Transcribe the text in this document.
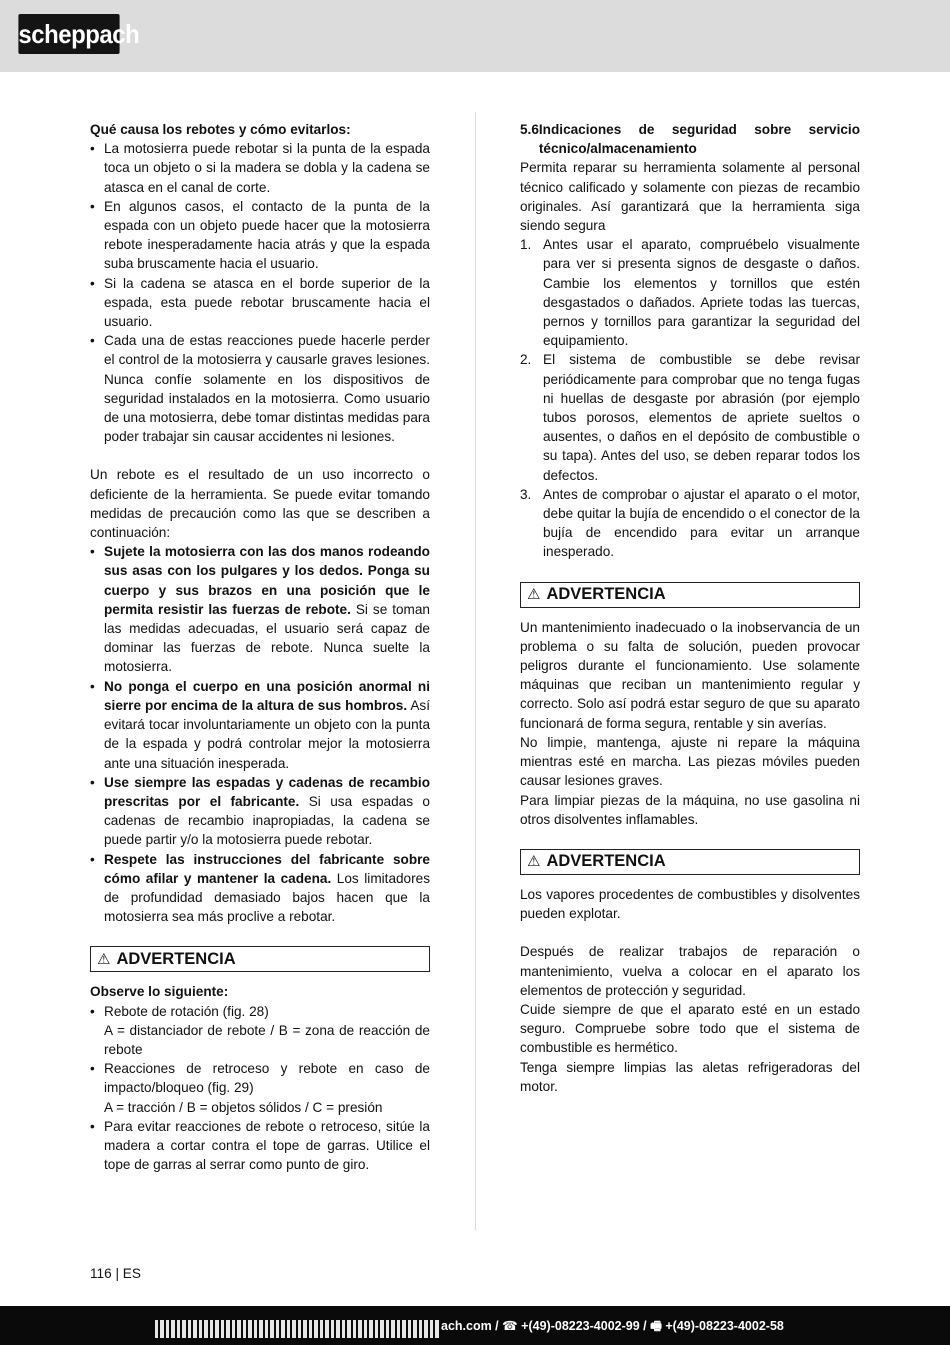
scheppach

Qué causa los rebotes y cómo evitarlos:

• La motosierra puede rebotar si la punta de la espada toca un objeto o si la madera se dobla y la cadena se atasca en el canal de corte.
• En algunos casos, el contacto de la punta de la espada con un objeto puede hacer que la motosierra rebote inesperadamente hacia atrás y que la espada suba bruscamente hacia el usuario.
• Si la cadena se atasca en el borde superior de la espada, esta puede rebotar bruscamente hacia el usuario.
• Cada una de estas reacciones puede hacerle perder el control de la motosierra y causarle graves lesiones. Nunca confíe solamente en los dispositivos de seguridad instalados en la motosierra. Como usuario de una motosierra, debe tomar distintas medidas para poder trabajar sin causar accidentes ni lesiones.

Un rebote es el resultado de un uso incorrecto o deficiente de la herramienta. Se puede evitar tomando medidas de precaución como las que se describen a continuación:

• Sujete la motosierra con las dos manos rodeando sus asas con los pulgares y los dedos. Ponga su cuerpo y sus brazos en una posición que le permita resistir las fuerzas de rebote. Si se toman las medidas adecuadas, el usuario será capaz de dominar las fuerzas de rebote. Nunca suelte la motosierra.
• No ponga el cuerpo en una posición anormal ni sierre por encima de la altura de sus hombros. Así evitará tocar involuntariamente un objeto con la punta de la espada y podrá controlar mejor la motosierra ante una situación inesperada.
• Use siempre las espadas y cadenas de recambio prescritas por el fabricante. Si usa espadas o cadenas de recambio inapropiadas, la cadena se puede partir y/o la motosierra puede rebotar.
• Respete las instrucciones del fabricante sobre cómo afilar y mantener la cadena. Los limitadores de profundidad demasiado bajos hacen que la motosierra sea más proclive a rebotar.
⚠ ADVERTENCIA

Observe lo siguiente:

• Rebote de rotación (fig. 28)
A = distanciador de rebote / B = zona de reacción de rebote
• Reacciones de retroceso y rebote en caso de impacto/bloqueo (fig. 29)
A = tracción / B = objetos sólidos / C = presión
• Para evitar reacciones de rebote o retroceso, sitúe la madera a cortar contra el tope de garras. Utilice el tope de garras al serrar como punto de giro.
5.6 Indicaciones de seguridad sobre servicio técnico/almacenamiento

Permita reparar su herramienta solamente al personal técnico calificado y solamente con piezas de recambio originales. Así garantizará que la herramienta siga siendo segura

1. Antes usar el aparato, compruébelo visualmente para ver si presenta signos de desgaste o daños. Cambie los elementos y tornillos que estén desgastados o dañados. Apriete todas las tuercas, pernos y tornillos para garantizar la seguridad del equipamiento.
2. El sistema de combustible se debe revisar periódicamente para comprobar que no tenga fugas ni huellas de desgaste por abrasión (por ejemplo tubos porosos, elementos de apriete sueltos o ausentes, o daños en el depósito de combustible o su tapa). Antes del uso, se deben reparar todos los defectos.
3. Antes de comprobar o ajustar el aparato o el motor, debe quitar la bujía de encendido o el conector de la bujía de encendido para evitar un arranque inesperado.
⚠ ADVERTENCIA

Un mantenimiento inadecuado o la inobservancia de un problema o su falta de solución, pueden provocar peligros durante el funcionamiento. Use solamente máquinas que reciban un mantenimiento regular y correcto. Solo así podrá estar seguro de que su aparato funcionará de forma segura, rentable y sin averías.

No limpie, mantenga, ajuste ni repare la máquina mientras esté en marcha. Las piezas móviles pueden causar lesiones graves.

Para limpiar piezas de la máquina, no use gasolina ni otros disolventes inflamables.

⚠ ADVERTENCIA

Los vapores procedentes de combustibles y disolventes pueden explotar.

Después de realizar trabajos de reparación o mantenimiento, vuelva a colocar en el aparato los elementos de protección y seguridad.

Cuide siempre de que el aparato esté en un estado seguro. Compruebe sobre todo que el sistema de combustible es hermético.

Tenga siempre limpias las aletas refrigeradoras del motor.

116 | ES
ach.com / ☎ +(49)-08223-4002-99 / 🖷 +(49)-08223-4002-58
